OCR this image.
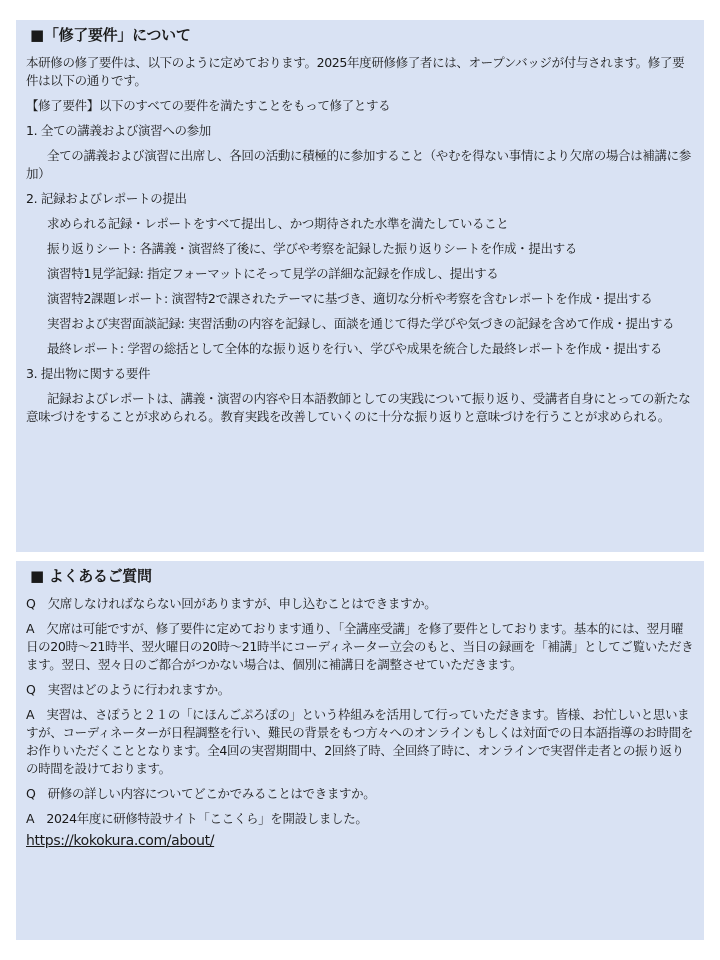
■「修了要件」について

本研修の修了要件は、以下のように定めております。2025年度研修修了者には、オープンバッジが付与されます。修了要件は以下の通りです。

【修了要件】以下のすべての要件を満たすことをもって修了とする

1. 全ての講義および演習への参加

全ての講義および演習に出席し、各回の活動に積極的に参加すること（やむを得ない事情により欠席の場合は補講に参加）

2. 記録およびレポートの提出

求められる記録・レポートをすべて提出し、かつ期待された水準を満たしていること

振り返りシート: 各講義・演習終了後に、学びや考察を記録した振り返りシートを作成・提出する

演習特1見学記録: 指定フォーマットにそって見学の詳細な記録を作成し、提出する

演習特2課題レポート: 演習特2で課されたテーマに基づき、適切な分析や考察を含むレポートを作成・提出する

実習および実習面談記録: 実習活動の内容を記録し、面談を通じて得た学びや気づきの記録を含めて作成・提出する

最終レポート: 学習の総括として全体的な振り返りを行い、学びや成果を統合した最終レポートを作成・提出する

3. 提出物に関する要件

記録およびレポートは、講義・演習の内容や日本語教師としての実践について振り返り、受講者自身にとっての新たな意味づけをすることが求められる。教育実践を改善していくのに十分な振り返りと意味づけを行うことが求められる。

■ よくあるご質問

Q　欠席しなければならない回がありますが、申し込むことはできますか。

A　欠席は可能ですが、修了要件に定めております通り、「全講座受講」を修了要件としております。基本的には、翌月曜日の20時～21時半、翌火曜日の20時～21時半にコーディネーター立会のもと、当日の録画を「補講」としてご覧いただきます。翌日、翌々日のご都合がつかない場合は、個別に補講日を調整させていただきます。

Q　実習はどのように行われますか。

A　実習は、さぽうと２１の「にほんごぷろぽの」という枠組みを活用して行っていただきます。皆様、お忙しいと思いますが、コーディネーターが日程調整を行い、難民の背景をもつ方々へのオンラインもしくは対面での日本語指導のお時間をお作りいただくこととなります。全4回の実習期間中、2回終了時、全回終了時に、オンラインで実習伴走者との振り返りの時間を設けております。

Q　研修の詳しい内容についてどこかでみることはできますか。

A　2024年度に研修特設サイト「ここくら」を開設しました。

https://kokokura.com/about/
